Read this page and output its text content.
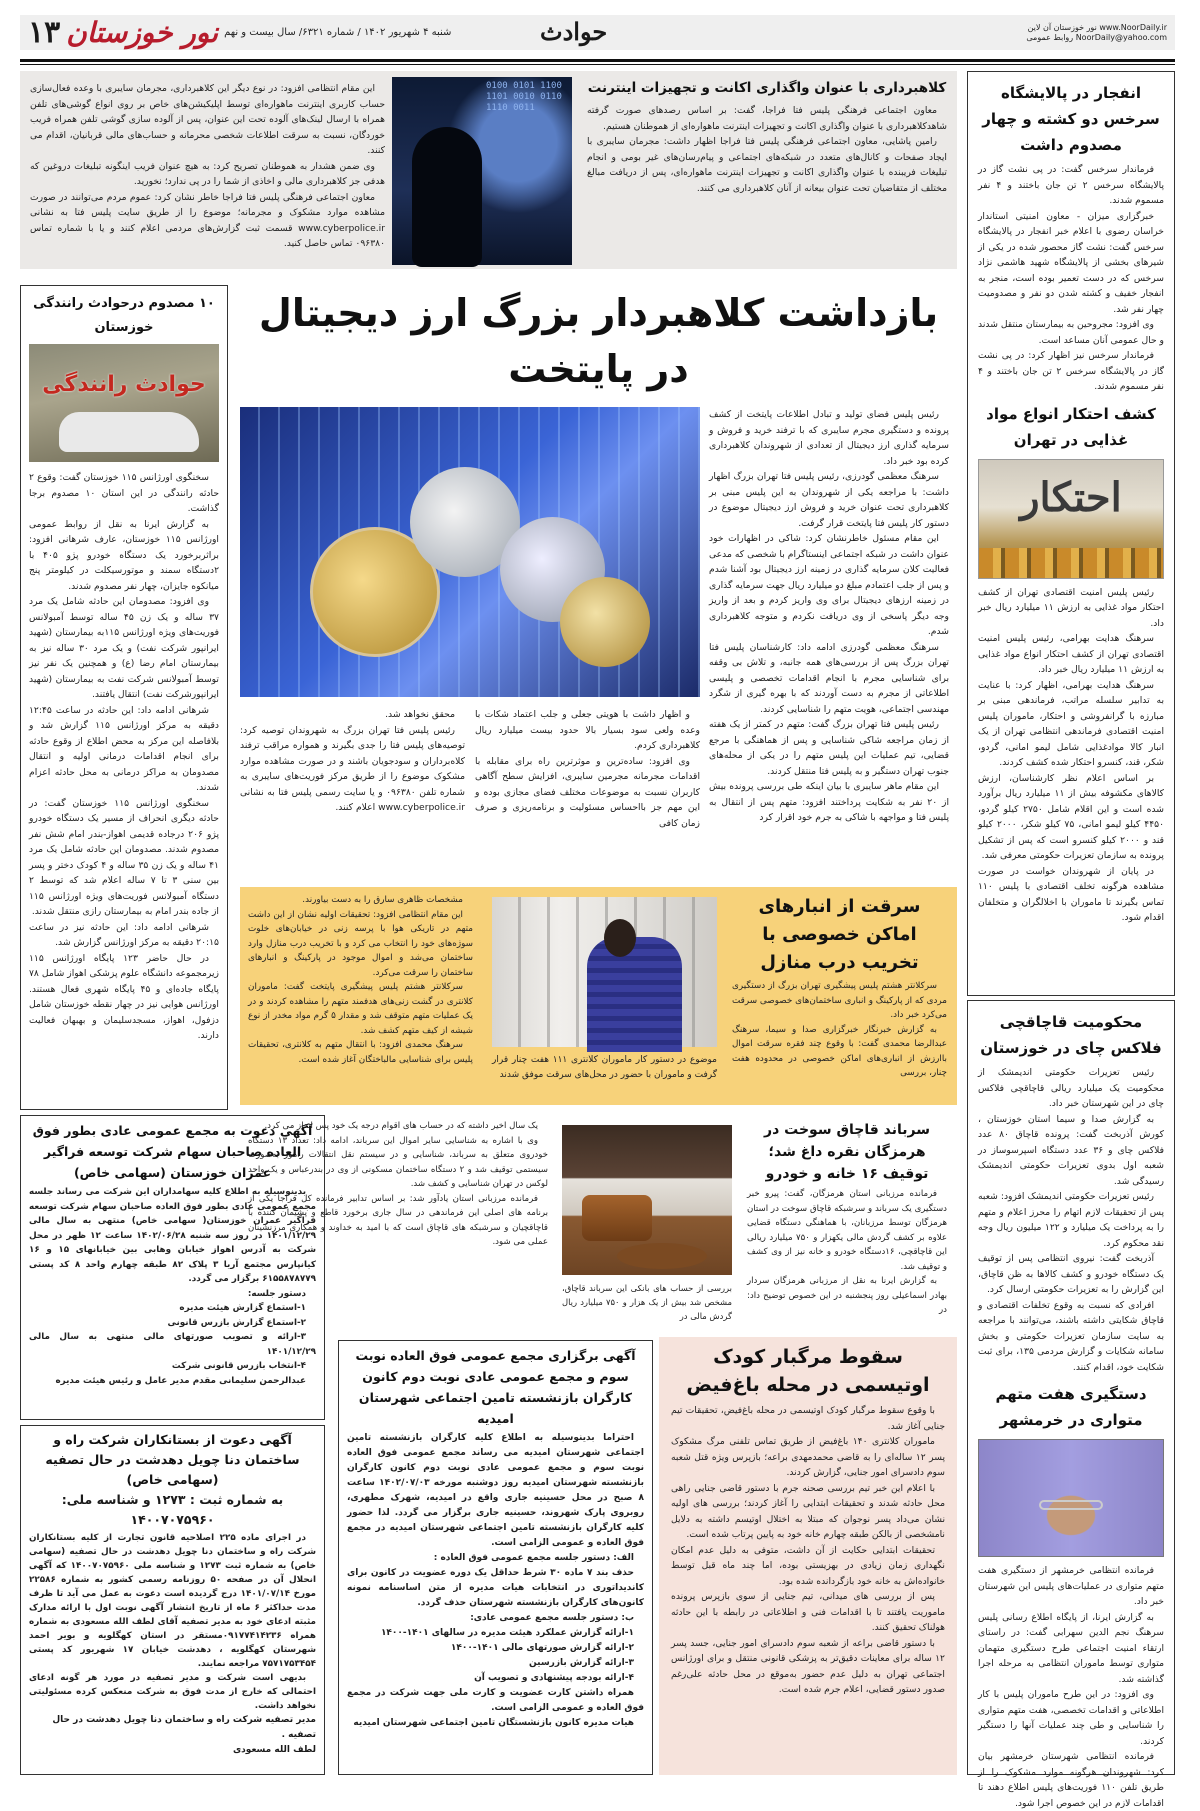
نور خوزستان آن لاین www.NoorDaily.ir
روابط عمومی NoorDaily@yahoo.com
حوادث
شنبه ۴ شهریور ۱۴۰۲ / شماره ۶۳۲۱/ سال بیست و نهم
نور خوزستان
۱۳
انفجار در پالایشگاه سرخس دو کشته و چهار مصدوم داشت

فرماندار سرخس گفت: در پی نشت گاز در پالایشگاه سرخس ۲ تن جان باختند و ۴ نفر مسموم شدند.

خبرگزاری میزان - معاون امنیتی استاندار خراسان رضوی با اعلام خبر انفجار در پالایشگاه سرخس گفت: نشت گاز محصور شده در یکی از شیرهای بخشی از پالایشگاه شهید هاشمی نژاد سرخس که در دست تعمیر بوده است، منجر به انفجار خفیف و کشته شدن دو نفر و مصدومیت چهار نفر شد.

وی افزود: مجروحین به بیمارستان منتقل شدند و حال عمومی آنان مساعد است.

فرماندار سرخس نیز اظهار کرد: در پی نشت گاز در پالایشگاه سرخس ۲ تن جان باختند و ۴ نفر مسموم شدند.

کشف احتکار انواع مواد غذایی در تهران
احتکار

رئیس پلیس امنیت اقتصادی تهران از کشف احتکار مواد غذایی به ارزش ۱۱ میلیارد ریال خبر داد.

سرهنگ هدایت بهرامی، رئیس پلیس امنیت اقتصادی تهران از کشف احتکار انواع مواد غذایی به ارزش ۱۱ میلیارد ریال خبر داد.

سرهنگ هدایت بهرامی، اظهار کرد: با عنایت به تدابیر سلسله مراتب، فرماندهی مبنی بر مبارزه با گرانفروشی و احتکار، ماموران پلیس امنیت اقتصادی فرماندهی انتظامی تهران از یک انبار کالا موادغذایی شامل لیمو امانی، گردو، شکر، قند، کنسرو احتکار شده کشف کردند.

بر اساس اعلام نظر کارشناسان، ارزش کالاهای مکشوفه بیش از ۱۱ میلیارد ریال برآورد شده است و این اقلام شامل ۲۷۵۰ کیلو گردو، ۴۴۵۰ کیلو لیمو امانی، ۷۵ کیلو شکر، ۲۰۰۰ کیلو قند و ۲۰۰۰ کیلو کنسرو است که پس از تشکیل پرونده به سازمان تعزیرات حکومتی معرفی شد.

در پایان از شهروندان خواست در صورت مشاهده هرگونه تخلف اقتصادی با پلیس ۱۱۰ تماس بگیرند تا ماموران با اخلالگران و متخلفان اقدام شود.

محکومیت قاچاقچی فلاکس چای در خوزستان

رئیس تعزیرات حکومتی اندیمشک از محکومیت یک میلیارد ریالی قاچاقچی فلاکس چای در این شهرستان خبر داد.

به گزارش صدا و سیما استان خوزستان ، کورش آذربخت گفت: پرونده قاچاق ۸۰ عدد فلاکس چای و ۳۶ عدد دستگاه اسپرسوساز در شعبه اول بدوی تعزیرات حکومتی اندیمشک رسیدگی شد.

رئیس تعزیرات حکومتی اندیمشک افزود: شعبه پس از تحقیقات لازم اتهام را محرز اعلام و متهم را به پرداخت یک میلیارد و ۱۲۲ میلیون ریال وجه نقد محکوم کرد.

آذربخت گفت: نیروی انتظامی پس از توقیف یک دستگاه خودرو و کشف کالاها به ظن قاچاق، این گزارش را به تعزیرات حکومتی ارسال کرد.

افرادی که نسبت به وقوع تخلفات اقتصادی و قاچاق شکایتی داشته باشند، می‌توانند با مراجعه به سایت سازمان تعزیرات حکومتی و بخش سامانه شکایات و گزارش مردمی ۱۳۵، برای ثبت شکایت خود، اقدام کنند.

دستگیری هفت متهم متواری در خرمشهر

فرمانده انتظامی خرمشهر از دستگیری هفت متهم متواری در عملیات‌های پلیس این شهرستان خبر داد.

به گزارش ایرنا، از پایگاه اطلاع رسانی پلیس سرهنگ نجم الدین سهرابی گفت: در راستای ارتقاء امنیت اجتماعی طرح دستگیری متهمان متواری توسط ماموران انتظامی به مرحله اجرا گذاشته شد.

وی افزود: در این طرح ماموران پلیس با کار اطلاعاتی و اقدامات تخصصی، هفت متهم متواری را شناسایی و طی چند عملیات آنها را دستگیر کردند.

فرمانده انتظامی شهرستان خرمشهر بیان کرد: شهروندان هرگونه موارد مشکوک را از طریق تلفن ۱۱۰ فوریت‌های پلیس اطلاع دهند تا اقدامات لازم در این خصوص اجرا شود.

کلاهبرداری با عنوان واگذاری اکانت و تجهیزات اینترنت

معاون اجتماعی فرهنگی پلیس فتا فراجا، گفت: بر اساس رصدهای صورت گرفته شاهدکلاهبرداری با عنوان واگذاری اکانت و تجهیزات اینترنت ماهواره‌ای از هموطنان هستیم.

رامین پاشایی، معاون اجتماعی فرهنگی پلیس فتا فراجا اظهار داشت: مجرمان سایبری با ایجاد صفحات و کانال‌های متعدد در شبکه‌های اجتماعی و پیام‌رسان‌های غیر بومی و انجام تبلیغات فریبنده با عنوان واگذاری اکانت و تجهیزات اینترنت ماهواره‌ای، پس از دریافت مبالغ مختلف از متقاضیان تحت عنوان بیعانه از آنان کلاهبرداری می کنند.

0100 0101 1100 1101 0010 0110 1110 0011

این مقام انتظامی افزود: در نوع دیگر این کلاهبرداری، مجرمان سایبری با وعده فعال‌سازی حساب کاربری اینترنت ماهواره‌ای توسط اپلیکیشن‌های خاص بر روی انواع گوشی‌های تلفن همراه با ارسال لینک‌های آلوده تحت این عنوان، پس از آلوده سازی گوشی تلفن همراه فریب خوردگان، نسبت به سرقت اطلاعات شخصی محرمانه و حساب‌های مالی قربانیان، اقدام می کنند.

وی ضمن هشدار به هموطنان تصریح کرد: به هیچ عنوان فریب اینگونه تبلیغات دروغین که هدفی جز کلاهبرداری مالی و اخاذی از شما را در پی ندارد؛ نخورید.

معاون اجتماعی فرهنگی پلیس فتا فراجا خاطر نشان کرد: عموم مردم می‌توانند در صورت مشاهده موارد مشکوک و مجرمانه؛ موضوع را از طریق سایت پلیس فتا به نشانی www.cyberpolice.ir قسمت ثبت گزارش‌های مردمی اعلام کنند و یا با شماره تماس ۰۹۶۳۸۰ تماس حاصل کنید.

۱۰ مصدوم درحوادث رانندگی خوزستان
حوادث رانندگی

سخنگوی اورژانس ۱۱۵ خوزستان گفت: وقوع ۲ حادثه رانندگی در این استان ۱۰ مصدوم برجا گذاشت.

به گزارش ایرنا به نقل از روابط عمومی اورژانس ۱۱۵ خوزستان، عارف شرهانی افزود: براثربرخورد یک دستگاه خودرو پژو ۴۰۵ با ۲دستگاه سمند و موتورسیکلت در کیلومتر پنج میانکوه جایزان، چهار نفر مصدوم شدند.

وی افزود: مصدومان این حادثه شامل یک مرد ۳۷ ساله و یک زن ۴۵ ساله توسط آمبولانس فوریت‌های ویژه اورژانس ۱۱۵به بیمارستان (شهید ایرانپور شرکت نفت) و یک مرد ۳۰ ساله نیز به بیمارستان امام رضا (ع) و همچنین یک نفر نیز توسط آمبولانس شرکت نفت به بیمارستان (شهید ایرانپورشرکت نفت) انتقال یافتند.

شرهانی ادامه داد: این حادثه در ساعت ۱۲:۴۵ دقیقه به مرکز اورژانس ۱۱۵ گزارش شد و بلافاصله این مرکز به محض اطلاع از وقوع حادثه برای انجام اقدامات درمانی اولیه و انتقال مصدومان به مراکز درمانی به محل حادثه اعزام شدند.

سخنگوی اورژانس ۱۱۵ خوزستان گفت: در حادثه دیگری انحراف از مسیر یک دستگاه خودرو پژو ۲۰۶ درجاده قدیمی اهواز-بندر امام شش نفر مصدوم شدند. مصدومان این حادثه شامل یک مرد ۴۱ ساله و یک زن ۳۵ ساله و ۴ کودک دختر و پسر بین سنی ۳ تا ۷ ساله اعلام شد که توسط ۲ دستگاه آمبولانس فوریت‌های ویژه اورژانس ۱۱۵ از جاده بندر امام به بیمارستان رازی منتقل شدند.

شرهانی ادامه داد: این حادثه نیز در ساعت ۲۰:۱۵ دقیقه به مرکز اورژانس گزارش شد.

در حال حاضر ۱۲۳ پایگاه اورژانس ۱۱۵ زیرمجموعه دانشگاه علوم پزشکی اهواز شامل ۷۸ پایگاه جاده‌ای و ۴۵ پایگاه شهری فعال هستند. اورژانس هوایی نیز در چهار نقطه خوزستان شامل دزفول، اهواز، مسجدسلیمان و بهبهان فعالیت دارند.

بازداشت کلاهبردار بزرگ ارز دیجیتال
در پایتخت

رئیس پلیس فضای تولید و تبادل اطلاعات پایتخت از کشف پرونده و دستگیری مجرم سایبری که با ترفند خرید و فروش و سرمایه گذاری ارز دیجیتال از تعدادی از شهروندان کلاهبرداری کرده بود خبر داد.

سرهنگ معظمی گودرزی، رئیس پلیس فتا تهران بزرگ اظهار داشت: با مراجعه یکی از شهروندان به این پلیس مبنی بر کلاهبرداری تحت عنوان خرید و فروش ارز دیجیتال موضوع در دستور کار پلیس فتا پایتخت قرار گرفت.

این مقام مسئول خاطرنشان کرد: شاکی در اظهارات خود عنوان داشت در شبکه اجتماعی اینستاگرام با شخصی که مدعی فعالیت کلان سرمایه گذاری در زمینه ارز دیجیتال بود آشنا شدم و پس از جلب اعتمادم مبلغ دو میلیارد ریال جهت سرمایه گذاری در زمینه ارزهای دیجیتال برای وی واریز کردم و بعد از واریز وجه دیگر پاسخی از وی دریافت نکردم و متوجه کلاهبرداری شدم.

سرهنگ معظمی گودرزی ادامه داد: کارشناسان پلیس فتا تهران بزرگ پس از بررسی‌های همه جانبه، و تلاش بی وقفه برای شناسایی مجرم با انجام اقدامات تخصصی و پلیسی اطلاعاتی از مجرم به دست آوردند که با بهره گیری از شگرد مهندسی اجتماعی، هویت متهم را شناسایی کردند.

رئیس پلیس فتا تهران بزرگ گفت: متهم در کمتر از یک هفته از زمان مراجعه شاکی شناسایی و پس از هماهنگی با مرجع قضایی، تیم عملیات این پلیس متهم را در یکی از محله‌های جنوب تهران دستگیر و به پلیس فتا منتقل کردند.

این مقام ماهر سایبری با بیان اینکه طی بررسی پرونده بیش از ۲۰ نفر به شکایت پرداختند افزود: متهم پس از انتقال به پلیس فتا و مواجهه با شاکی به جرم خود اقرار کرد

و اظهار داشت با هویتی جعلی و جلب اعتماد شکات با وعده ولعی سود بسیار بالا حدود بیست میلیارد ریال کلاهبرداری کردم.

وی افزود: ساده‌ترین و موثرترین راه برای مقابله با اقدامات مجرمانه مجرمین سایبری، افزایش سطح آگاهی کاربران نسبت به موضوعات مختلف فضای مجازی بوده و این مهم جز بااحساس مسئولیت و برنامه‌ریزی و صرف زمان کافی

محقق نخواهد شد.

رئیس پلیس فتا تهران بزرگ به شهروندان توصیه کرد: توصیه‌های پلیس فتا را جدی بگیرند و همواره مراقب ترفند کلاه‌برداران و سودجویان باشند و در صورت مشاهده موارد مشکوک موضوع را از طریق مرکز فوریت‌های سایبری به شماره تلفن ۰۹۶۳۸۰ و یا سایت رسمی پلیس فتا به نشانی www.cyberpolice.ir اعلام کنند.

سرقت از انبارهای اماکن خصوصی با تخریب درب منازل

سرکلانتر هشتم پلیس پیشگیری تهران بزرگ از دستگیری مردی که از پارکینگ و انباری ساختمان‌های خصوصی سرقت می‌کرد خبر داد.

به گزارش خبرنگار خبرگزاری صدا و سیما، سرهنگ عبدالرضا محمدی گفت: با وقوع چند فقره سرقت اموال باارزش از انباری‌های اماکن خصوصی در محدوده هفت چنار، بررسی

موضوع در دستور کار ماموران کلانتری ۱۱۱ هفت چنار قرار گرفت و ماموران با حضور در محل‌های سرقت موفق شدند

مشخصات ظاهری سارق را به دست بیاورند.

این مقام انتظامی افزود: تحقیقات اولیه نشان از این داشت متهم در تاریکی هوا با پرسه زنی در خیابان‌های خلوت سوژه‌های خود را انتخاب می کرد و با تخریب درب منازل وارد ساختمان می‌شد و اموال موجود در پارکینگ و انبارهای ساختمان را سرقت می‌کرد.

سرکلانتر هشتم پلیس پیشگیری پایتخت گفت: ماموران کلانتری در گشت زنی‌های هدفمند متهم را مشاهده کردند و در یک عملیات متهم متوقف شد و مقدار ۵ گرم مواد مخدر از نوع شیشه از کیف متهم کشف شد.

سرهنگ محمدی افزود: با انتقال متهم به کلانتری، تحقیقات پلیس برای شناسایی مالباختگان آغاز شده است.

سرباند قاچاق سوخت در هرمزگان نقره داغ شد؛ توقیف ۱۶ خانه و خودرو

فرمانده مرزبانی استان هرمزگان، گفت: پیرو خبر دستگیری یک سرباند و سرشبکه قاچاق سوخت در استان هرمزگان توسط مرزبانان، با هماهنگی دستگاه قضایی علاوه بر کشف گردش مالی یکهزار و ۷۵۰ میلیارد ریالی این قاچاقچی، ۱۶دستگاه خودرو و خانه نیز از وی کشف و توقیف شد.

به گزارش ایرنا به نقل از مرزبانی هرمزگان سردار بهادر اسماعیلی روز پنجشنبه در این خصوص توضیح داد: در

بررسی از حساب های بانکی این سرباند قاچاق، مشخص شد بیش از یک هزار و ۷۵۰ میلیارد ریال گردش مالی در

یک سال اخیر داشته که در حساب های اقوام درجه یک خود پس انداز می کرد.

وی با اشاره به شناسایی سایر اموال این سرباند، ادامه داد: تعداد ۱۳ دستگاه خودروی متعلق به سرباند، شناسایی و در سیستم نقل انتقالات راهور به‌صورت سیستمی توقیف شد و ۲ دستگاه ساختمان مسکونی از وی در بندرعباس و یک واحد لوکس در تهران شناسایی و کشف شد.

فرمانده مرزبانی استان یادآور شد: بر اساس تدابیر فرمانده کل فراجا یکی از برنامه های اصلی این فرماندهی در سال جاری برخورد قاطع و پشیمان کننده با قاچاقچیان و سرشبکه های قاچاق است که با امید به خداوند و همکاری مرزنشینان عملی می شود.

سقوط مرگبار کودک اوتیسمی در محله باغ‌فیض

با وقوع سقوط مرگبار کودک اوتیسمی در محله باغ‌فیض، تحقیقات تیم جنایی آغاز شد.

ماموران کلانتری ۱۴۰ باغ‌فیض از طریق تماس تلفنی مرگ مشکوک پسر ۱۲ ساله‌ای را به قاضی محمدمهدی براعه؛ بازپرس ویژه قتل شعبه سوم دادسرای امور جنایی، گزارش کردند.

با اعلام این خبر تیم بررسی صحنه جرم با دستور قاضی جنایی راهی محل حادثه شدند و تحقیقات ابتدایی را آغاز کردند؛ بررسی های اولیه نشان می‌داد پسر نوجوان که مبتلا به اختلال اوتیسم داشته به دلایل نامشخصی از بالکن طبقه چهارم خانه خود به پایین پرتاب شده است.

تحقیقات ابتدایی حکایت از آن داشت، متوفی به دلیل عدم امکان نگهداری زمان زیادی در بهزیستی بوده، اما چند ماه قبل توسط خانواده‌اش به خانه خود بازگردانده شده بود.

پس از بررسی های میدانی، تیم جنایی از سوی بازپرس پرونده ماموریت یافتند تا با اقدامات فنی و اطلاعاتی در رابطه با این حادثه هولناک تحقیق کنند.

با دستور قاضی براعه از شعبه سوم دادسرای امور جنایی، جسد پسر ۱۲ ساله برای معاینات دقیق‌تر به پزشکی قانونی منتقل و برای اورژانس اجتماعی تهران به دلیل عدم حضور به‌موقع در محل حادثه علی‌رغم صدور دستور قضایی، اعلام جرم شده است.

آگهی برگزاری مجمع عمومی فوق العاده نوبت سوم و مجمع عمومی عادی نوبت دوم کانون کارگران بازنشسته تامین اجتماعی شهرستان امیدیه

احتراما بدینوسیله به اطلاع کلیه کارگران بازنشسته تامین اجتماعی شهرستان امیدیه می رساند مجمع عمومی فوق العاده نوبت سوم و مجمع عمومی عادی نوبت دوم کانون کارگران بازنشسته شهرستان امیدیه روز دوشنبه مورخه ۱۴۰۲/۰۷/۰۳ ساعت ۸ صبح در محل حسینیه جاری واقع در امیدیه، شهرک مطهری، روبروی پارک شهروند، حسینیه جاری برگزار می گردد. لذا حضور کلیه کارگران بازنشسته تامین اجتماعی شهرستان امیدیه در مجمع فوق العاده و عمومی الزامی است.

الف: دستور جلسه مجمع عمومی فوق العاده :

حذف بند ۷ ماده ۳۰ شرط حداقل یک دوره عضویت در کانون برای کاندیداتوری در انتخابات هیات مدیره از متن اساسنامه نمونه کانون‌های کارگران بازنشسته شهرستان حذف گردد.

ب: دستور جلسه مجمع عمومی عادی:

۱-ارائه گزارش عملکرد هیئت مدیره در سالهای ۱۴۰۱-۱۴۰۰

۲-ارائه گزارش صورتهای مالی ۱۴۰۱-۱۴۰۰

۳-ارائه گزارش بازرسین

۴-ارائه بودجه پیشنهادی و تصویب آن

همراه داشتن کارت عضویت و کارت ملی جهت شرکت در مجمع فوق العاده و عمومی الزامی است.

هیات مدیره کانون بازنشستگان تامین اجتماعی شهرستان امیدیه

آگهی دعوت به مجمع عمومی عادی بطور فوق العاده صاحبان سهام شرکت توسعه فراگیر عمران خوزستان (سهامی خاص)

بدینوسیله به اطلاع کلیه سهامداران این شرکت می رساند جلسه مجمع عمومی عادی بطور فوق العاده صاحبان سهام شرکت توسعه فراگیر عمران خوزستان( سهامی خاص) منتهی به سال مالی ۱۴۰۱/۱۲/۲۹ در روز سه شنبه ۱۴۰۲/۰۶/۲۸ ساعت ۱۲ ظهر در محل شرکت به آدرس اهواز خیابان وهابی بین خیابانهای ۱۵ و ۱۶ کیانپارس مجتمع آریا ۳ پلاک ۸۲ طبقه چهارم واحد ۸ کد پستی ۶۱۵۵۸۷۸۷۷۹ برگزار می گردد.

دستور جلسه:

۱-استماع گزارش هیئت مدیره

۲-استماع گزارش بازرس قانونی

۳-ارائه و تصویب صورتهای مالی منتهی به سال مالی ۱۴۰۱/۱۲/۲۹

۴-انتخاب بازرس قانونی شرکت

عبدالرحمن سلیمانی مقدم مدیر عامل و رئیس هیئت مدیره

آگهی دعوت از بستانکاران شرکت راه و ساختمان دنا چویل دهدشت در حال تصفیه (سهامی خاص)
به شماره ثبت : ۱۲۷۳ و شناسه ملی: ۱۴۰۰۷۰۷۵۹۶۰

در اجرای ماده ۲۲۵ اصلاحیه قانون تجارت از کلیه بستانکاران شرکت راه و ساختمان دنا چویل دهدشت در حال تصفیه (سهامی خاص) به شماره ثبت ۱۲۷۳ و شناسه ملی ۱۴۰۰۷۰۷۵۹۶۰ که آگهی انحلال آن در صفحه ۵۰ روزنامه رسمی کشور به شماره ۲۲۵۸۶ مورخ ۱۴۰۱/۰۷/۱۴ درج گردیده است دعوت به عمل می آید تا ظرف مدت حداکثر ۶ ماه از تاریخ انتشار آگهی نوبت اول با ارائه مدارک مثبته ادعای خود به مدیر تصفیه آقای لطف الله مسعودی به شماره همراه ۰۹۱۷۷۴۱۴۲۳۶مستقر در استان کهگلویه و بویر احمد شهرستان کهگلویه ، دهدشت خیابان ۱۷ شهریور کد پستی ۷۵۷۱۷۵۳۴۵۴ مراجعه نمایند.

بدیهی است شرکت و مدیر تصفیه در مورد هر گونه ادعای احتمالی که خارج از مدت فوق به شرکت منعکس کرده مسئولیتی نخواهد داشت.

مدیر تصفیه شرکت راه و ساختمان دنا چویل دهدشت در حال تصفیه .

لطف الله مسعودی
